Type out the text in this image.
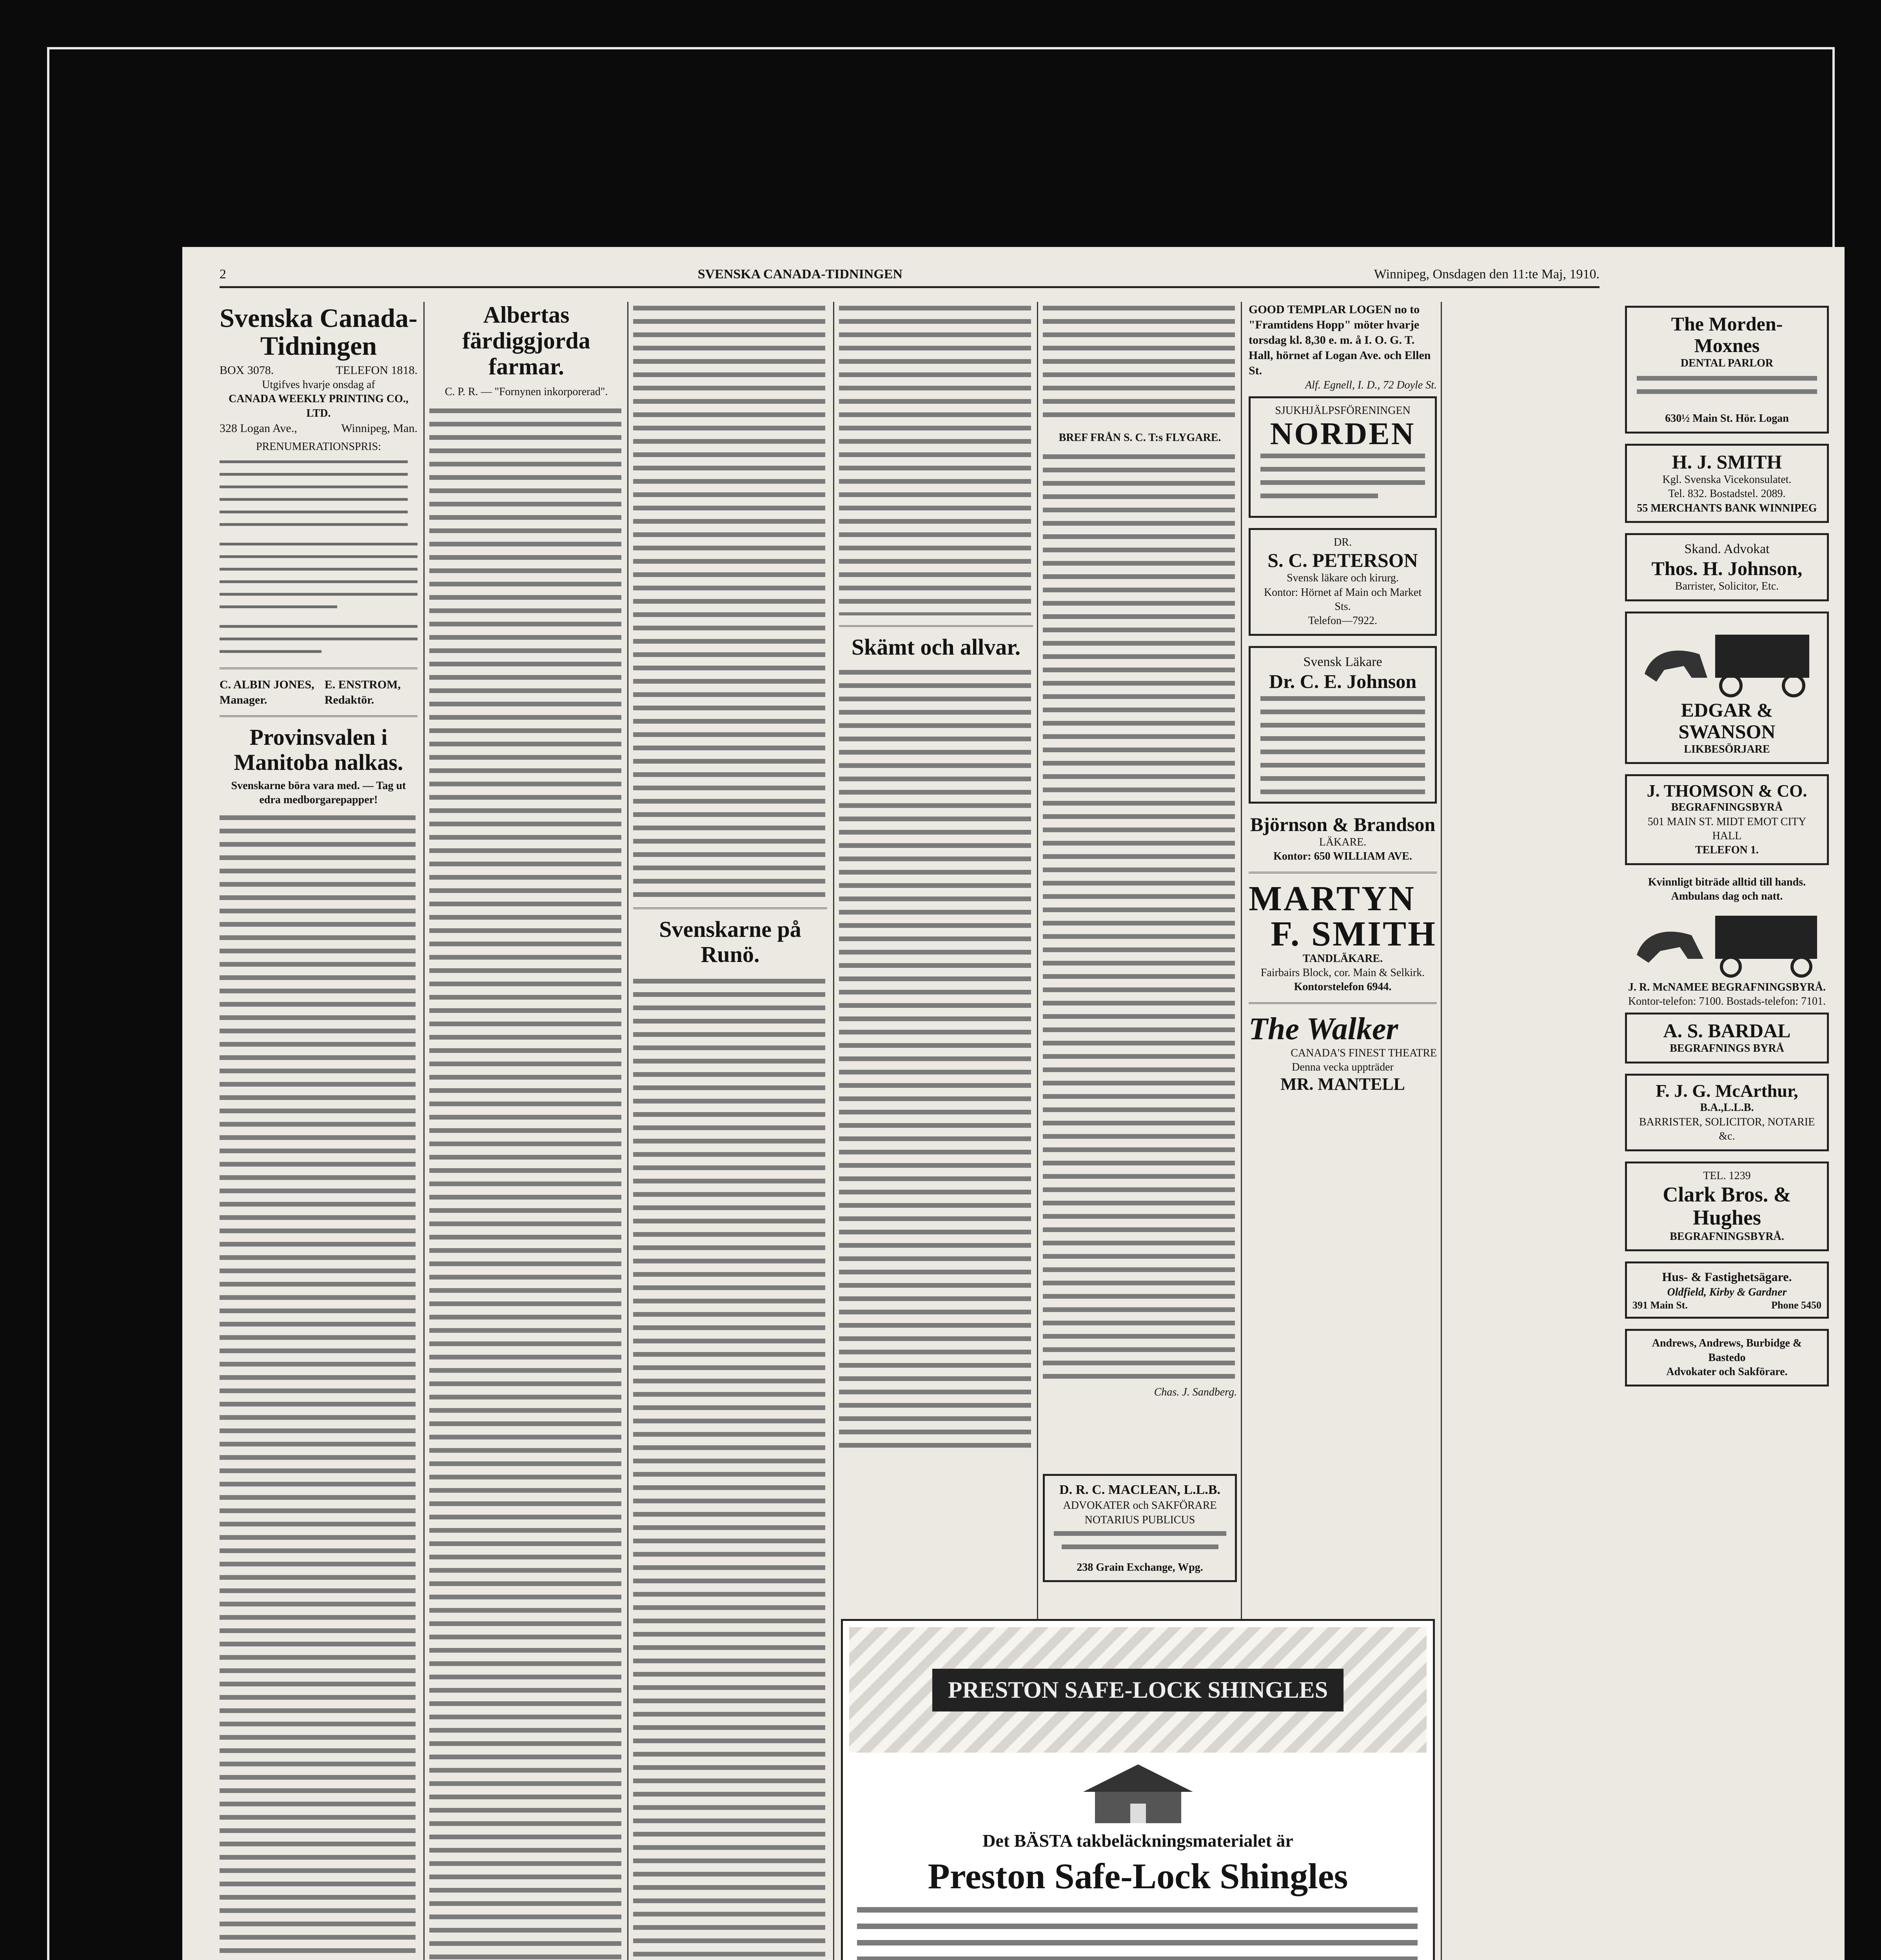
2	SVENSKA CANADA-TIDNINGEN	Winnipeg, Onsdagen den 11:te Maj, 1910.
Svenska Canada-Tidningen
BOX 3078.	TELEFON 1818.
Utgifves hvarje onsdag af
CANADA WEEKLY PRINTING CO., LTD.
328 Logan Ave.,	Winnipeg, Man.
PRENUMERATIONSPRIS:
C. ALBIN JONES, Manager.
E. ENSTROM, Redaktör.
Provinsvalen i Manitoba nalkas.
Svenskarne böra vara med. — Tag ut edra medborgarepapper!
Albertas färdiggjorda farmar.
C. P. R. — "Fornynen inkorporerad".
Svenskarne på Runö.
Skämt och allvar.
BREF FRÅN S. C. T:s FLYGARE.
Chas. J. Sandberg.
D. R. C. MACLEAN, L.L.B.
ADVOKATER och SAKFÖRARE NOTARIUS PUBLICUS
238 Grain Exchange, Wpg.
PRESTON SAFE-LOCK SHINGLES
Det BÄSTA takbeläckningsmaterialet är
Preston Safe-Lock Shingles
GOOD TEMPLAR LOGEN no to "Framtidens Hopp" möter hvarje torsdag kl. 8,30 e. m. å I. O. G. T. Hall, hörnet af Logan Ave. och Ellen St.
Alf. Egnell, I. D., 72 Doyle St.
SJUKHJÄLPSFÖRENINGEN
NORDEN
DR.
S. C. PETERSON
Svensk läkare och kirurg.
Kontor: Hörnet af Main och Market Sts.
Telefon—7922.
Svensk Läkare
Dr. C. E. Johnson
Björnson & Brandson
LÄKARE.
Kontor: 650 WILLIAM AVE.
MARTYN
F. SMITH
TANDLÄKARE.
Fairbairs Block, cor. Main & Selkirk.
Kontorstelefon 6944.
The Walker
CANADA'S FINEST THEATRE
Denna vecka uppträder
MR. MANTELL
The Morden-
Moxnes
DENTAL PARLOR
630½ Main St. Hör. Logan
H. J. SMITH
Kgl. Svenska Vicekonsulatet.
Tel. 832. Bostadstel. 2089.
55 MERCHANTS BANK WINNIPEG
Skand. Advokat
Thos. H. Johnson,
Barrister, Solicitor, Etc.
EDGAR &
SWANSON
LIKBESÖRJARE
J. THOMSON & CO.
BEGRAFNINGSBYRÅ
501 MAIN ST. MIDT EMOT CITY HALL
TELEFON 1.
Kvinnligt biträde alltid till hands. Ambulans dag och natt.
J. R. McNAMEE BEGRAFNINGSBYRÅ.
Kontor-telefon: 7100. Bostads-telefon: 7101.
A. S. BARDAL
BEGRAFNINGS BYRÅ
F. J. G. McArthur,
B.A.,L.L.B.
BARRISTER, SOLICITOR, NOTARIE &c.
TEL. 1239
Clark Bros. & Hughes
BEGRAFNINGSBYRÅ.
Hus- & Fastighetsägare.
Oldfield, Kirby & Gardner
391 Main St.	Phone 5450
Andrews, Andrews, Burbidge & Bastedo
Advokater och Sakförare.
